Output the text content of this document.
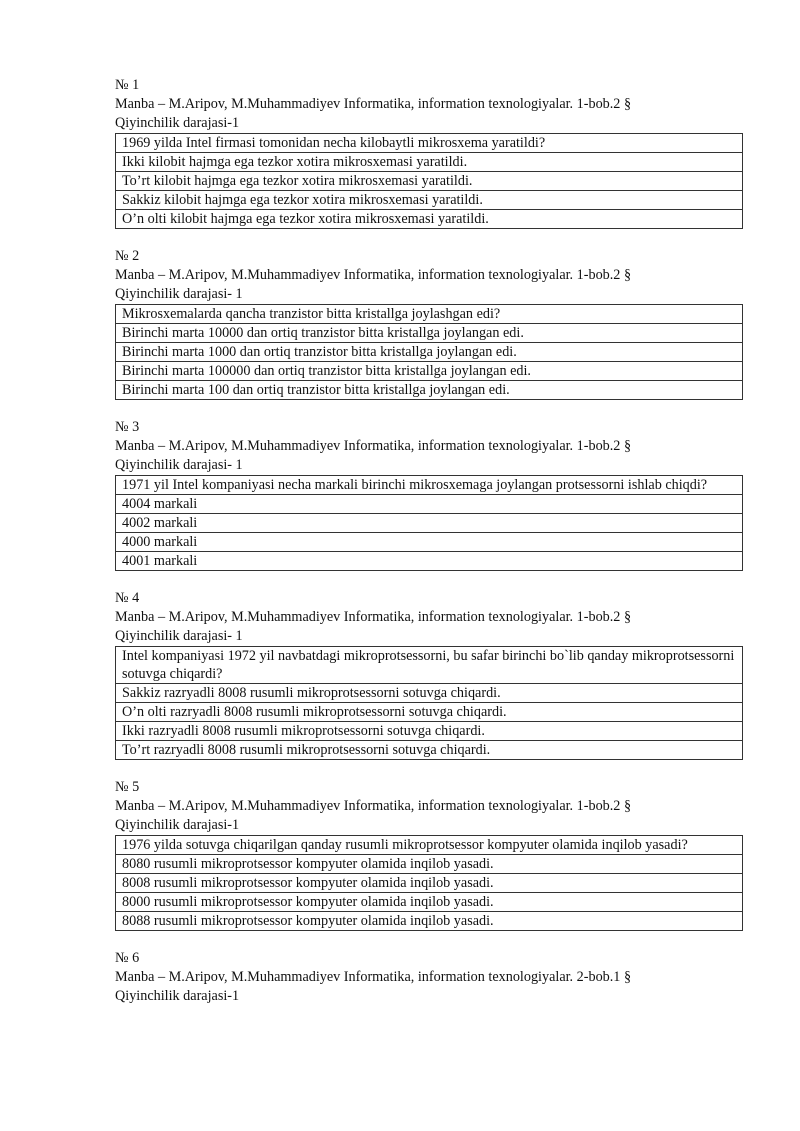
№ 1
Manba – M.Aripov, M.Muhammadiyev Informatika, information texnologiyalar. 1-bob.2 §
Qiyinchilik darajasi-1
1969 yilda Intel firmasi tomonidan necha kilobaytli mikrosxema yaratildi?
Ikki kilobit hajmga ega tezkor xotira mikrosxemasi yaratildi.
To’rt kilobit hajmga ega tezkor xotira mikrosxemasi yaratildi.
Sakkiz kilobit hajmga ega tezkor xotira mikrosxemasi yaratildi.
O’n olti kilobit hajmga ega tezkor xotira mikrosxemasi yaratildi.
№ 2
Manba – M.Aripov, M.Muhammadiyev Informatika, information texnologiyalar. 1-bob.2 §
Qiyinchilik darajasi- 1
Mikrosxemalarda qancha tranzistor bitta kristallga joylashgan edi?
Birinchi marta 10000 dan ortiq tranzistor bitta kristallga joylangan edi.
Birinchi marta 1000 dan ortiq tranzistor bitta kristallga joylangan edi.
Birinchi marta 100000 dan ortiq tranzistor bitta kristallga joylangan edi.
Birinchi marta 100 dan ortiq tranzistor bitta kristallga joylangan edi.
№ 3
Manba – M.Aripov, M.Muhammadiyev Informatika, information texnologiyalar. 1-bob.2 §
Qiyinchilik darajasi- 1
1971 yil Intel kompaniyasi necha markali birinchi mikrosxemaga joylangan protsessorni ishlab chiqdi?
4004 markali
4002 markali
4000 markali
4001 markali
№ 4
Manba – M.Aripov, M.Muhammadiyev Informatika, information texnologiyalar. 1-bob.2 §
Qiyinchilik darajasi- 1
Intel kompaniyasi 1972 yil navbatdagi mikroprotsessorni, bu safar birinchi bo`lib qanday mikroprotsessorni sotuvga chiqardi?
Sakkiz razryadli 8008 rusumli mikroprotsessorni sotuvga chiqardi.
O’n olti razryadli 8008 rusumli mikroprotsessorni sotuvga chiqardi.
Ikki razryadli 8008 rusumli mikroprotsessorni sotuvga chiqardi.
To’rt razryadli 8008 rusumli mikroprotsessorni sotuvga chiqardi.
№ 5
Manba – M.Aripov, M.Muhammadiyev Informatika, information texnologiyalar. 1-bob.2 §
Qiyinchilik darajasi-1
1976 yilda sotuvga chiqarilgan qanday rusumli mikroprotsessor kompyuter olamida inqilob yasadi?
8080 rusumli mikroprotsessor kompyuter olamida inqilob yasadi.
8008 rusumli mikroprotsessor kompyuter olamida inqilob yasadi.
8000 rusumli mikroprotsessor kompyuter olamida inqilob yasadi.
8088 rusumli mikroprotsessor kompyuter olamida inqilob yasadi.
№ 6
Manba – M.Aripov, M.Muhammadiyev Informatika, information texnologiyalar. 2-bob.1 §
Qiyinchilik darajasi-1
